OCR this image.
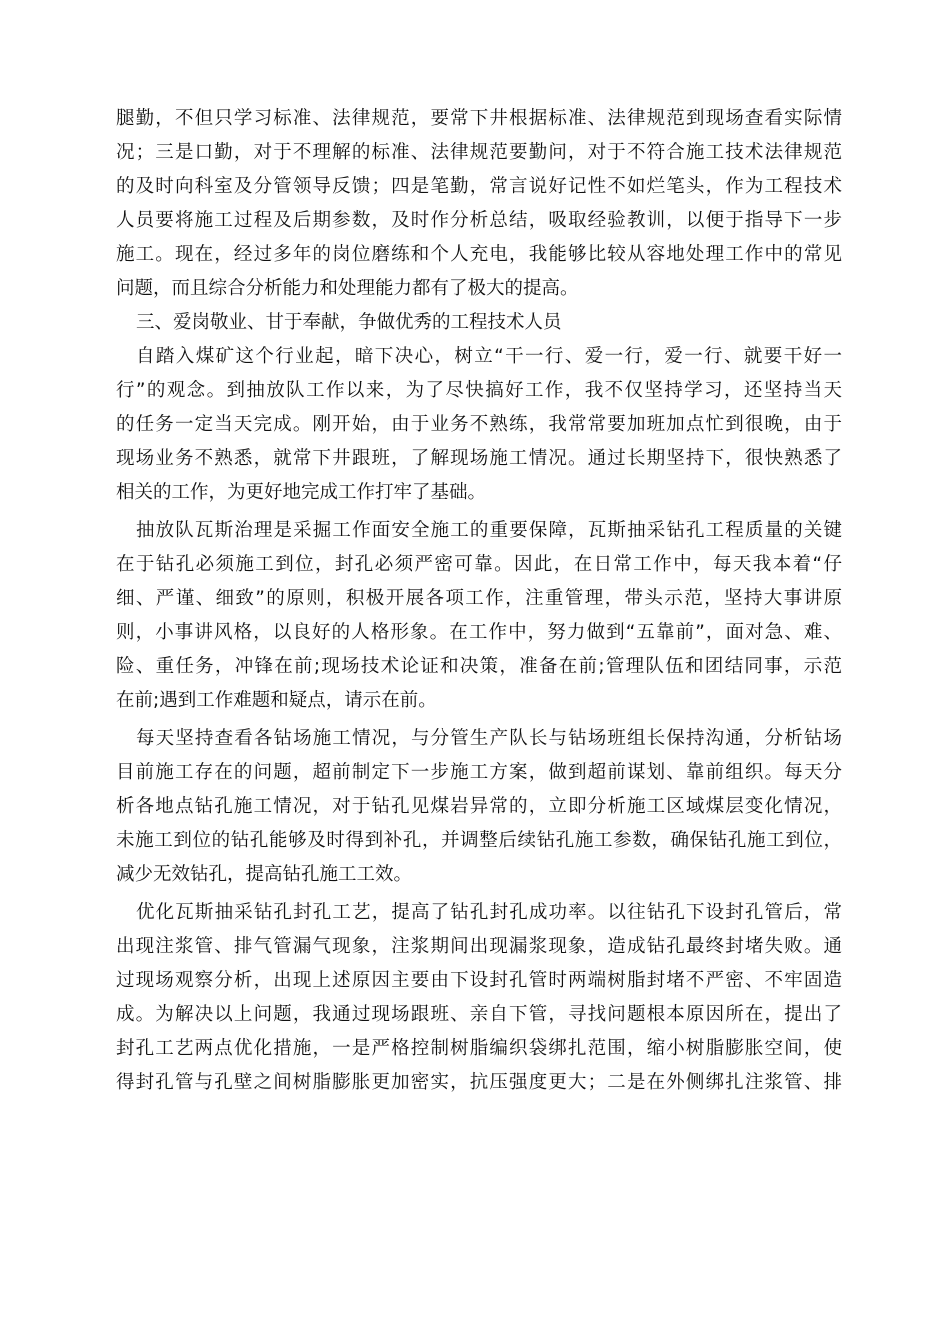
腿勤，不但只学习标准、法律规范，要常下井根据标准、法律规范到现场查看实际情
况；三是口勤，对于不理解的标准、法律规范要勤问，对于不符合施工技术法律规范
的及时向科室及分管领导反馈；四是笔勤，常言说好记性不如烂笔头，作为工程技术
人员要将施工过程及后期参数，及时作分析总结，吸取经验教训，以便于指导下一步
施工。现在，经过多年的岗位磨练和个人充电，我能够比较从容地处理工作中的常见
问题，而且综合分析能力和处理能力都有了极大的提高。
三、爱岗敬业、甘于奉献，争做优秀的工程技术人员
自踏入煤矿这个行业起，暗下决心，树立“干一行、爱一行，爱一行、就要干好一
行”的观念。到抽放队工作以来，为了尽快搞好工作，我不仅坚持学习，还坚持当天
的任务一定当天完成。刚开始，由于业务不熟练，我常常要加班加点忙到很晚，由于
现场业务不熟悉，就常下井跟班，了解现场施工情况。通过长期坚持下，很快熟悉了
相关的工作，为更好地完成工作打牢了基础。
抽放队瓦斯治理是采掘工作面安全施工的重要保障，瓦斯抽采钻孔工程质量的关键
在于钻孔必须施工到位，封孔必须严密可靠。因此，在日常工作中，每天我本着“仔
细、严谨、细致”的原则，积极开展各项工作，注重管理，带头示范，坚持大事讲原
则，小事讲风格，以良好的人格形象。在工作中，努力做到“五靠前”，面对急、难、
险、重任务，冲锋在前;现场技术论证和决策，准备在前;管理队伍和团结同事，示范
在前;遇到工作难题和疑点，请示在前。
每天坚持查看各钻场施工情况，与分管生产队长与钻场班组长保持沟通，分析钻场
目前施工存在的问题，超前制定下一步施工方案，做到超前谋划、靠前组织。每天分
析各地点钻孔施工情况，对于钻孔见煤岩异常的，立即分析施工区域煤层变化情况，
未施工到位的钻孔能够及时得到补孔，并调整后续钻孔施工参数，确保钻孔施工到位，
减少无效钻孔，提高钻孔施工工效。
优化瓦斯抽采钻孔封孔工艺，提高了钻孔封孔成功率。以往钻孔下设封孔管后，常
出现注浆管、排气管漏气现象，注浆期间出现漏浆现象，造成钻孔最终封堵失败。通
过现场观察分析，出现上述原因主要由下设封孔管时两端树脂封堵不严密、不牢固造
成。为解决以上问题，我通过现场跟班、亲自下管，寻找问题根本原因所在，提出了
封孔工艺两点优化措施，一是严格控制树脂编织袋绑扎范围，缩小树脂膨胀空间，使
得封孔管与孔壁之间树脂膨胀更加密实，抗压强度更大；二是在外侧绑扎注浆管、排
